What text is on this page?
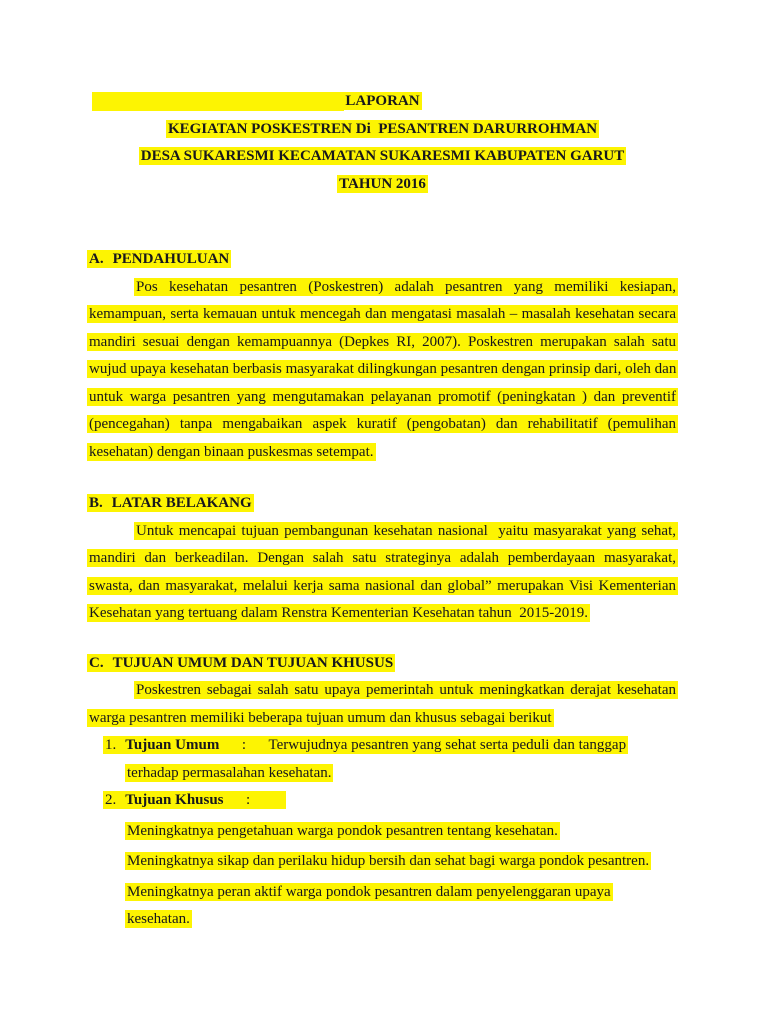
LAPORAN
KEGIATAN POSKESTREN Di  PESANTREN DARURROHMAN
DESA SUKARESMI KECAMATAN SUKARESMI KABUPATEN GARUT
TAHUN 2016
A. PENDAHULUAN

Pos kesehatan pesantren (Poskestren) adalah pesantren yang memiliki kesiapan, kemampuan, serta kemauan untuk mencegah dan mengatasi masalah – masalah kesehatan secara mandiri sesuai dengan kemampuannya (Depkes RI, 2007). Poskestren merupakan salah satu wujud upaya kesehatan berbasis masyarakat dilingkungan pesantren dengan prinsip dari, oleh dan untuk warga pesantren yang mengutamakan pelayanan promotif (peningkatan ) dan preventif (pencegahan) tanpa mengabaikan aspek kuratif (pengobatan) dan rehabilitatif (pemulihan kesehatan) dengan binaan puskesmas setempat.

B. LATAR BELAKANG

Untuk mencapai tujuan pembangunan kesehatan nasional  yaitu masyarakat yang sehat, mandiri dan berkeadilan. Dengan salah satu strateginya adalah pemberdayaan masyarakat, swasta, dan masyarakat, melalui kerja sama nasional dan global” merupakan Visi Kementerian Kesehatan yang tertuang dalam Renstra Kementerian Kesehatan tahun  2015-2019.

C. TUJUAN UMUM DAN TUJUAN KHUSUS

Poskestren sebagai salah satu upaya pemerintah untuk meningkatkan derajat kesehatan warga pesantren memiliki beberapa tujuan umum dan khusus sebagai berikut

1. Tujuan Umum      :      Terwujudnya pesantren yang sehat serta peduli dan tanggap terhadap permasalahan kesehatan.
2. Tujuan Khusus      :
Meningkatnya pengetahuan warga pondok pesantren tentang kesehatan.
Meningkatnya sikap dan perilaku hidup bersih dan sehat bagi warga pondok pesantren.
Meningkatnya peran aktif warga pondok pesantren dalam penyelenggaran upaya kesehatan.
